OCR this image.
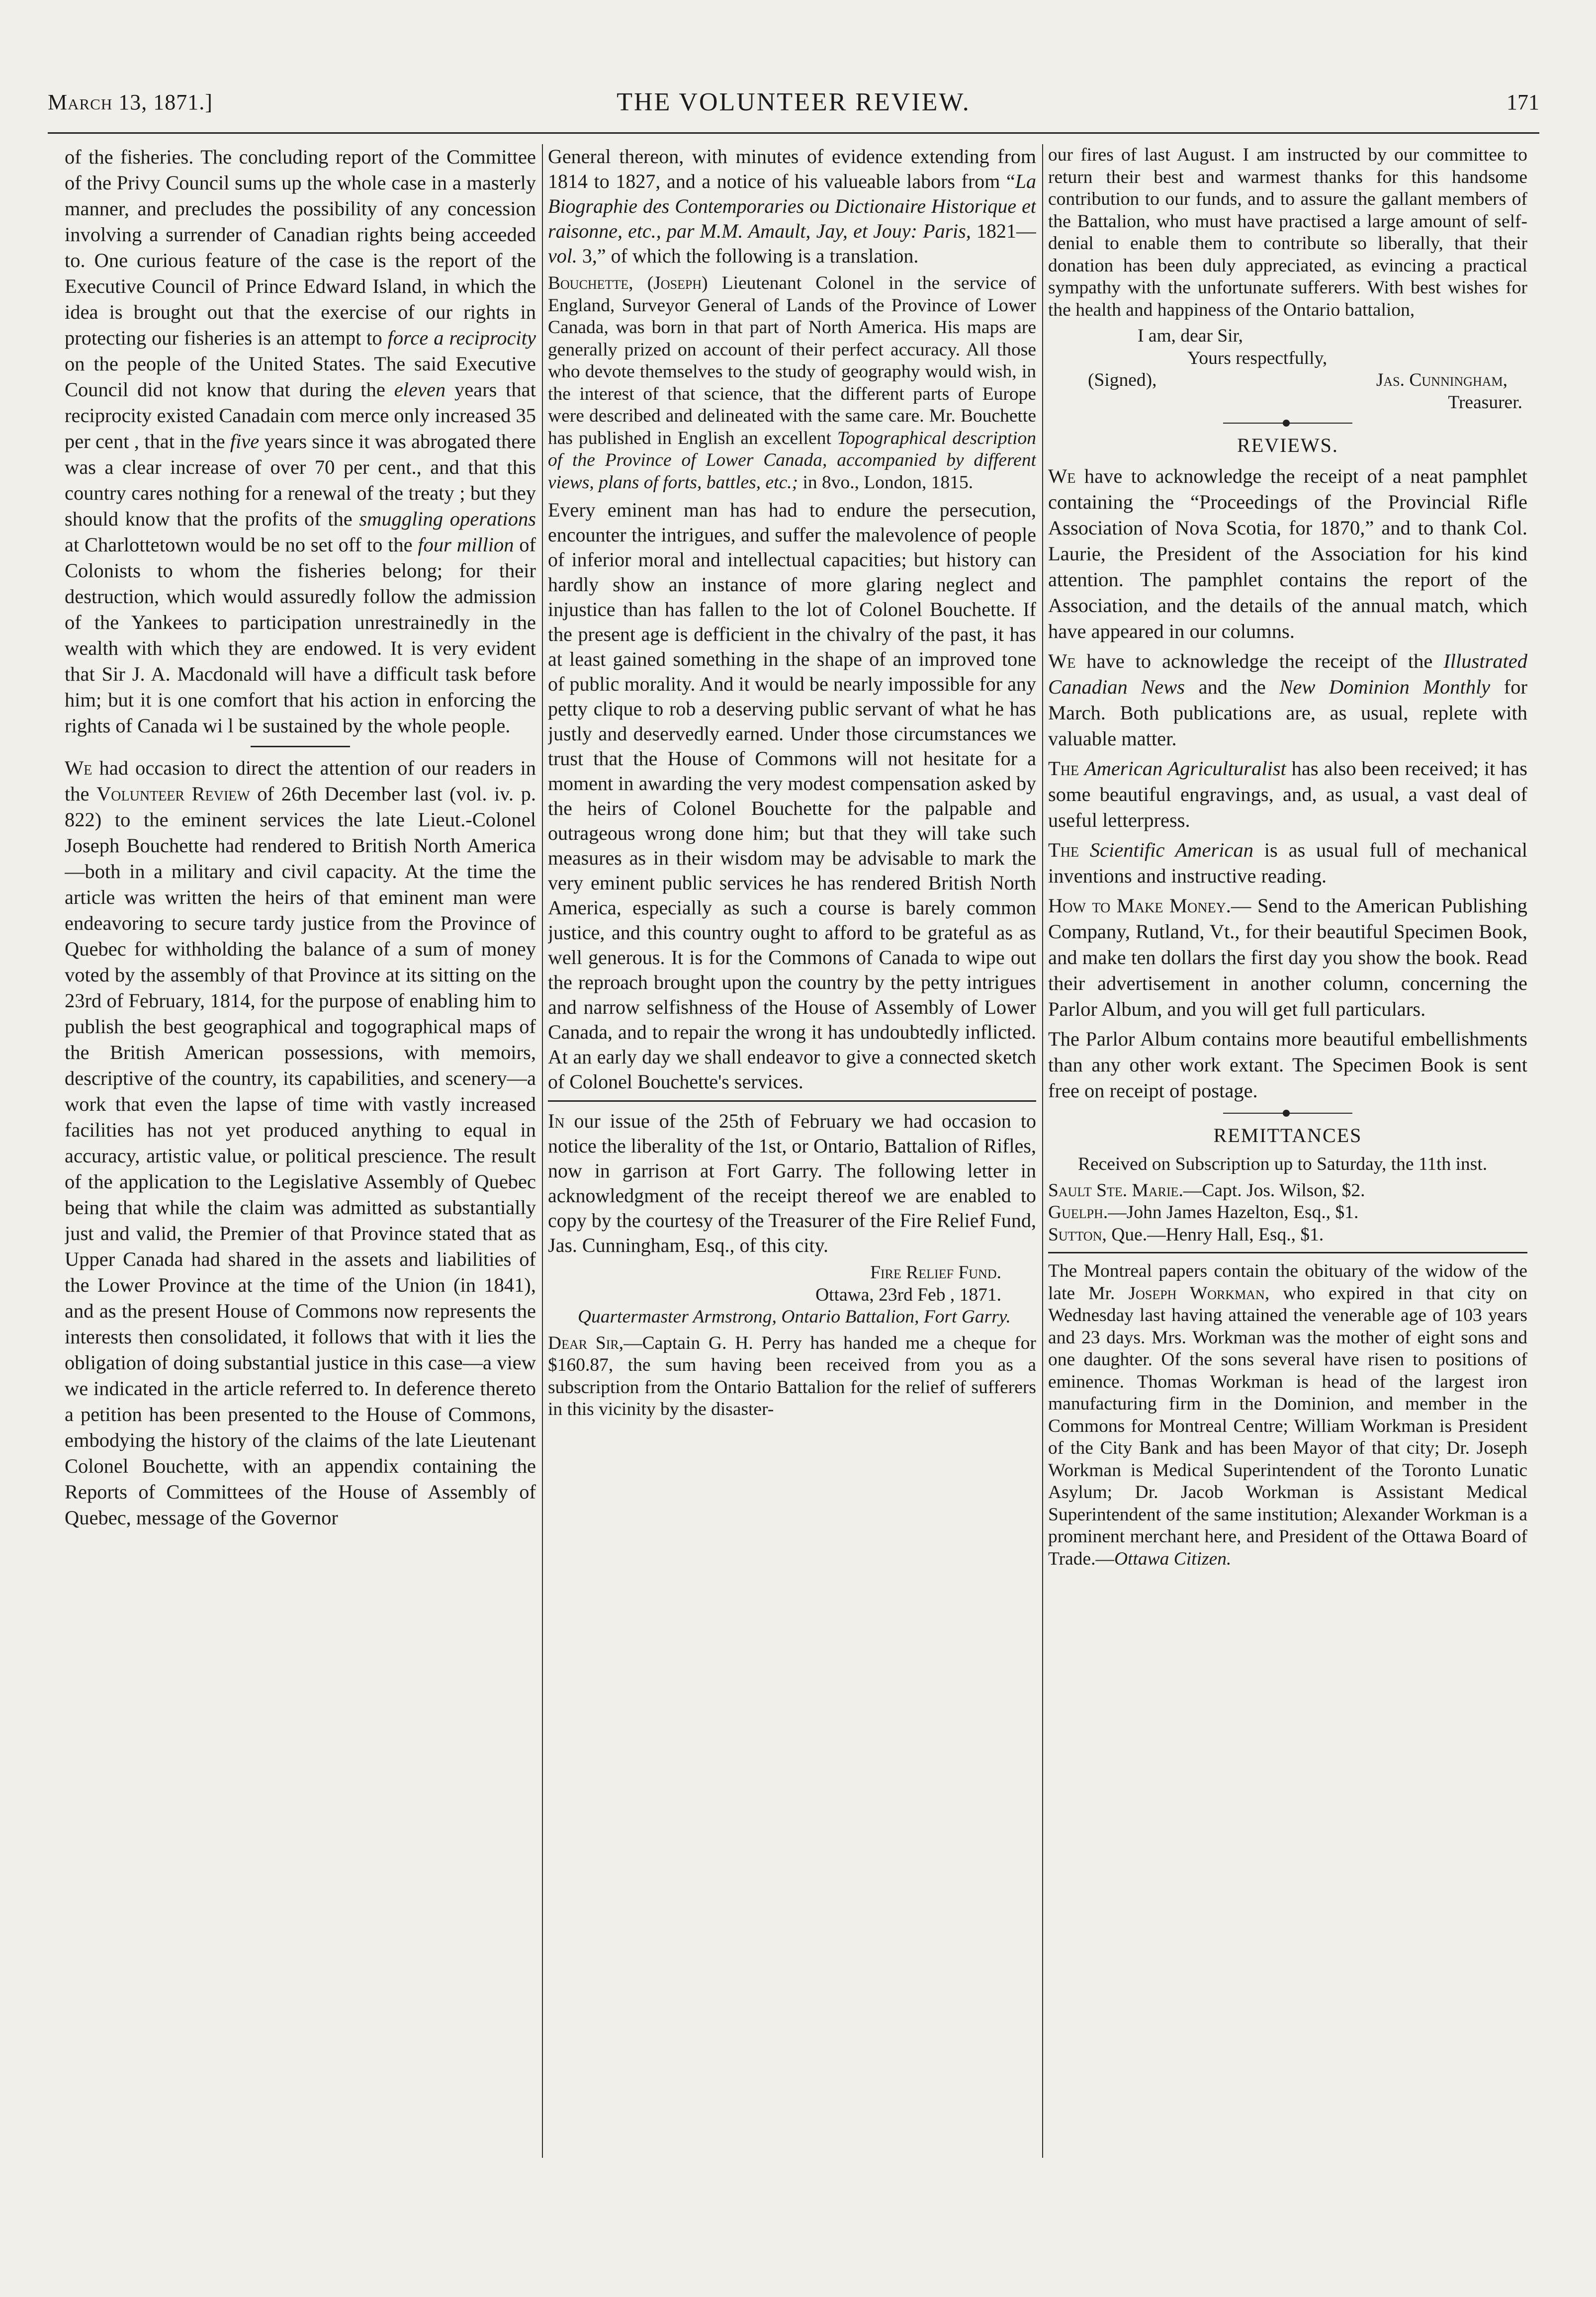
March 13, 1871.]	THE VOLUNTEER REVIEW.	171

of the fisheries. The concluding report of the Committee of the Privy Council sums up the whole case in a masterly manner, and precludes the possibility of any concession involving a surrender of Canadian rights being acceeded to. One curious feature of the case is the report of the Executive Council of Prince Edward Island, in which the idea is brought out that the exercise of our rights in protecting our fisheries is an attempt to force a reciprocity on the people of the United States. The said Executive Council did not know that during the eleven years that reciprocity existed Canadain com merce only increased 35 per cent , that in the five years since it was abrogated there was a clear increase of over 70 per cent., and that this country cares nothing for a renewal of the treaty ; but they should know that the profits of the smuggling operations at Charlottetown would be no set off to the four million of Colonists to whom the fisheries belong; for their destruction, which would assuredly follow the admission of the Yankees to participation unrestrainedly in the wealth with which they are endowed. It is very evident that Sir J. A. Macdonald will have a difficult task before him; but it is one comfort that his action in enforcing the rights of Canada wi l be sustained by the whole people.

We had occasion to direct the attention of our readers in the Volunteer Review of 26th December last (vol. iv. p. 822) to the eminent services the late Lieut.-Colonel Joseph Bouchette had rendered to British North America—both in a military and civil capacity. At the time the article was written the heirs of that eminent man were endeavoring to secure tardy justice from the Province of Quebec for withholding the balance of a sum of money voted by the assembly of that Province at its sitting on the 23rd of February, 1814, for the purpose of enabling him to publish the best geographical and togographical maps of the British American possessions, with memoirs, descriptive of the country, its capabilities, and scenery—a work that even the lapse of time with vastly increased facilities has not yet produced anything to equal in accuracy, artistic value, or political prescience. The result of the application to the Legislative Assembly of Quebec being that while the claim was admitted as substantially just and valid, the Premier of that Province stated that as Upper Canada had shared in the assets and liabilities of the Lower Province at the time of the Union (in 1841), and as the present House of Commons now represents the interests then consolidated, it follows that with it lies the obligation of doing substantial justice in this case—a view we indicated in the article referred to. In deference thereto a petition has been presented to the House of Commons, embodying the history of the claims of the late Lieutenant Colonel Bouchette, with an appendix containing the Reports of Committees of the House of Assembly of Quebec, message of the Governor

General thereon, with minutes of evidence extending from 1814 to 1827, and a notice of his valueable labors from “La Biographie des Contemporaries ou Dictionaire Historique et raisonne, etc., par M.M. Amault, Jay, et Jouy: Paris, 1821—vol. 3,” of which the following is a translation.

Bouchette, (Joseph) Lieutenant Colonel in the service of England, Surveyor General of Lands of the Province of Lower Canada, was born in that part of North America. His maps are generally prized on account of their perfect accuracy. All those who devote themselves to the study of geography would wish, in the interest of that science, that the different parts of Europe were described and delineated with the same care. Mr. Bouchette has published in English an excellent Topographical description of the Province of Lower Canada, accompanied by different views, plans of forts, battles, etc.; in 8vo., London, 1815.

Every eminent man has had to endure the persecution, encounter the intrigues, and suffer the malevolence of people of inferior moral and intellectual capacities; but history can hardly show an instance of more glaring neglect and injustice than has fallen to the lot of Colonel Bouchette. If the present age is defficient in the chivalry of the past, it has at least gained something in the shape of an improved tone of public morality. And it would be nearly impossible for any petty clique to rob a deserving public servant of what he has justly and deservedly earned. Under those circumstances we trust that the House of Commons will not hesitate for a moment in awarding the very modest compensation asked by the heirs of Colonel Bouchette for the palpable and outrageous wrong done him; but that they will take such measures as in their wisdom may be advisable to mark the very eminent public services he has rendered British North America, especially as such a course is barely common justice, and this country ought to afford to be grateful as as well generous. It is for the Commons of Canada to wipe out the reproach brought upon the country by the petty intrigues and narrow selfishness of the House of Assembly of Lower Canada, and to repair the wrong it has undoubtedly inflicted. At an early day we shall endeavor to give a connected sketch of Colonel Bouchette's services.

In our issue of the 25th of February we had occasion to notice the liberality of the 1st, or Ontario, Battalion of Rifles, now in garrison at Fort Garry. The following letter in acknowledgment of the receipt thereof we are enabled to copy by the courtesy of the Treasurer of the Fire Relief Fund, Jas. Cunningham, Esq., of this city.

Fire Relief Fund.
Ottawa, 23rd Feb , 1871.

Quartermaster Armstrong, Ontario Battalion, Fort Garry.

Dear Sir,—Captain G. H. Perry has handed me a cheque for $160.87, the sum having been received from you as a subscription from the Ontario Battalion for the relief of sufferers in this vicinity by the disaster-

our fires of last August. I am instructed by our committee to return their best and warmest thanks for this handsome contribution to our funds, and to assure the gallant members of the Battalion, who must have practised a large amount of self-denial to enable them to contribute so liberally, that their donation has been duly appreciated, as evincing a practical sympathy with the unfortunate sufferers. With best wishes for the health and happiness of the Ontario battalion,

I am, dear Sir,
Yours respectfully,
(Signed),	Jas. Cunningham,
Treasurer.
REVIEWS.

We have to acknowledge the receipt of a neat pamphlet containing the “Proceedings of the Provincial Rifle Association of Nova Scotia, for 1870,” and to thank Col. Laurie, the President of the Association for his kind attention. The pamphlet contains the report of the Association, and the details of the annual match, which have appeared in our columns.

We have to acknowledge the receipt of the Illustrated Canadian News and the New Dominion Monthly for March. Both publications are, as usual, replete with valuable matter.

The American Agriculturalist has also been received; it has some beautiful engravings, and, as usual, a vast deal of useful letterpress.

The Scientific American is as usual full of mechanical inventions and instructive reading.

How to Make Money.— Send to the American Publishing Company, Rutland, Vt., for their beautiful Specimen Book, and make ten dollars the first day you show the book. Read their advertisement in another column, concerning the Parlor Album, and you will get full particulars.

The Parlor Album contains more beautiful embellishments than any other work extant. The Specimen Book is sent free on receipt of postage.

REMITTANCES

Received on Subscription up to Saturday, the 11th inst.

Sault Ste. Marie.—Capt. Jos. Wilson, $2.
Guelph.—John James Hazelton, Esq., $1.
Sutton, Que.—Henry Hall, Esq., $1.

The Montreal papers contain the obituary of the widow of the late Mr. Joseph Workman, who expired in that city on Wednesday last having attained the venerable age of 103 years and 23 days. Mrs. Workman was the mother of eight sons and one daughter. Of the sons several have risen to positions of eminence. Thomas Workman is head of the largest iron manufacturing firm in the Dominion, and member in the Commons for Montreal Centre; William Workman is President of the City Bank and has been Mayor of that city; Dr. Joseph Workman is Medical Superintendent of the Toronto Lunatic Asylum; Dr. Jacob Workman is Assistant Medical Superintendent of the same institution; Alexander Workman is a prominent merchant here, and President of the Ottawa Board of Trade.—Ottawa Citizen.
